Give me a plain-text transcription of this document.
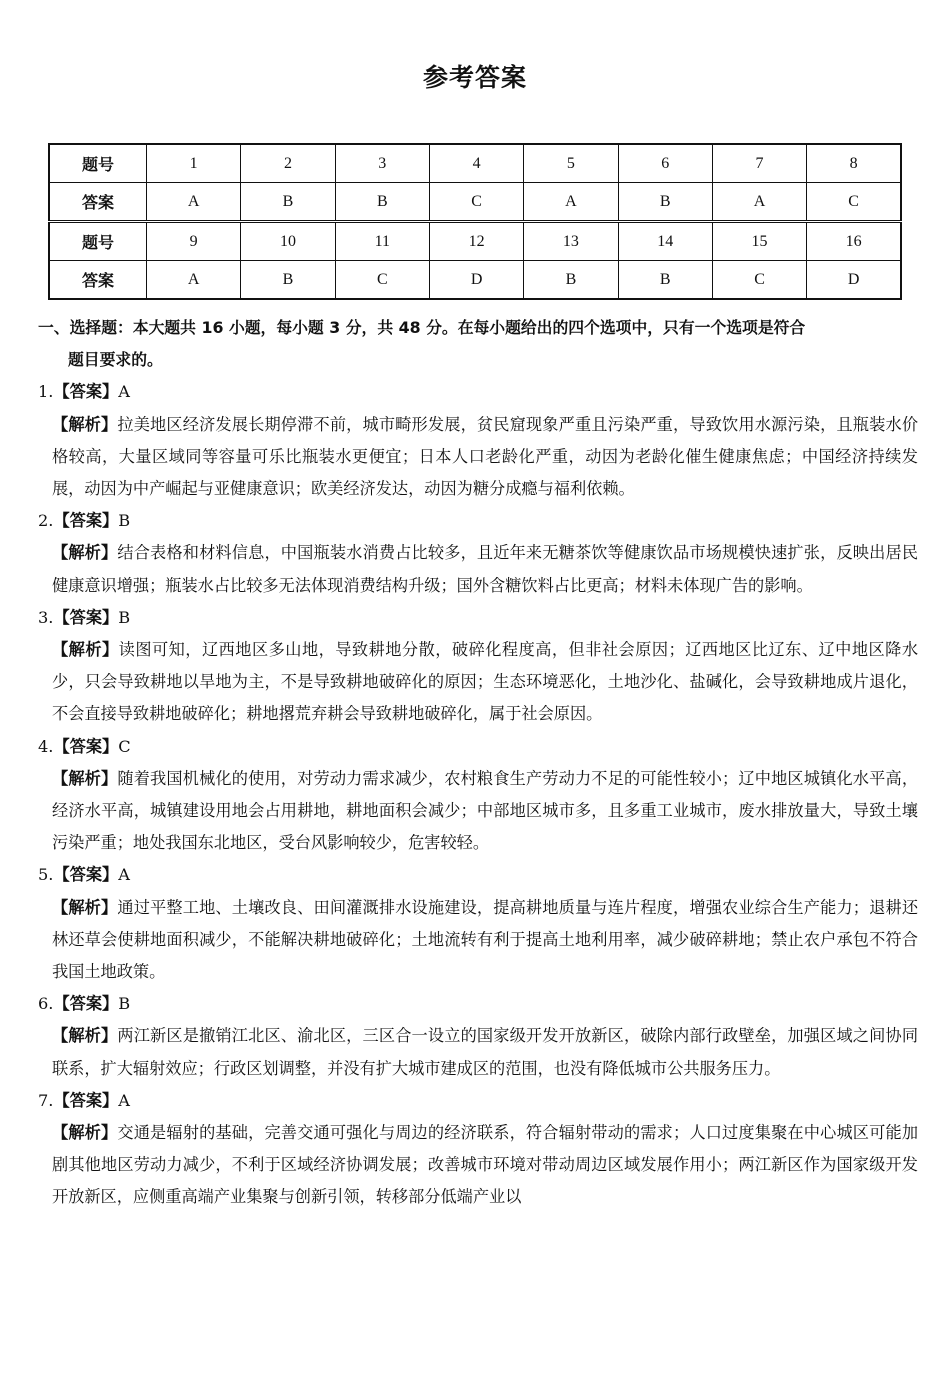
参考答案
题号	1	2	3	4	5	6	7	8
答案	A	B	B	C	A	B	A	C
题号	9	10	11	12	13	14	15	16
答案	A	B	C	D	B	B	C	D
一、选择题：本大题共 16 小题，每小题 3 分，共 48 分。在每小题给出的四个选项中，只有一个选项是符合
题目要求的。

1.【答案】A

【解析】拉美地区经济发展长期停滞不前，城市畸形发展，贫民窟现象严重且污染严重，导致饮用水源污染，且瓶装水价格较高，大量区域同等容量可乐比瓶装水更便宜；日本人口老龄化严重，动因为老龄化催生健康焦虑；中国经济持续发展，动因为中产崛起与亚健康意识；欧美经济发达，动因为糖分成瘾与福利依赖。

2.【答案】B

【解析】结合表格和材料信息，中国瓶装水消费占比较多，且近年来无糖茶饮等健康饮品市场规模快速扩张，反映出居民健康意识增强；瓶装水占比较多无法体现消费结构升级；国外含糖饮料占比更高；材料未体现广告的影响。

3.【答案】B

【解析】读图可知，辽西地区多山地，导致耕地分散，破碎化程度高，但非社会原因；辽西地区比辽东、辽中地区降水少，只会导致耕地以旱地为主，不是导致耕地破碎化的原因；生态环境恶化，土地沙化、盐碱化，会导致耕地成片退化，不会直接导致耕地破碎化；耕地撂荒弃耕会导致耕地破碎化，属于社会原因。

4.【答案】C

【解析】随着我国机械化的使用，对劳动力需求减少，农村粮食生产劳动力不足的可能性较小；辽中地区城镇化水平高，经济水平高，城镇建设用地会占用耕地，耕地面积会减少；中部地区城市多，且多重工业城市，废水排放量大，导致土壤污染严重；地处我国东北地区，受台风影响较少，危害较轻。

5.【答案】A

【解析】通过平整工地、土壤改良、田间灌溉排水设施建设，提高耕地质量与连片程度，增强农业综合生产能力；退耕还林还草会使耕地面积减少，不能解决耕地破碎化；土地流转有利于提高土地利用率，减少破碎耕地；禁止农户承包不符合我国土地政策。

6.【答案】B

【解析】两江新区是撤销江北区、渝北区，三区合一设立的国家级开发开放新区，破除内部行政壁垒，加强区域之间协同联系，扩大辐射效应；行政区划调整，并没有扩大城市建成区的范围，也没有降低城市公共服务压力。

7.【答案】A

【解析】交通是辐射的基础，完善交通可强化与周边的经济联系，符合辐射带动的需求；人口过度集聚在中心城区可能加剧其他地区劳动力减少，不利于区域经济协调发展；改善城市环境对带动周边区域发展作用小；两江新区作为国家级开发开放新区，应侧重高端产业集聚与创新引领，转移部分低端产业以
